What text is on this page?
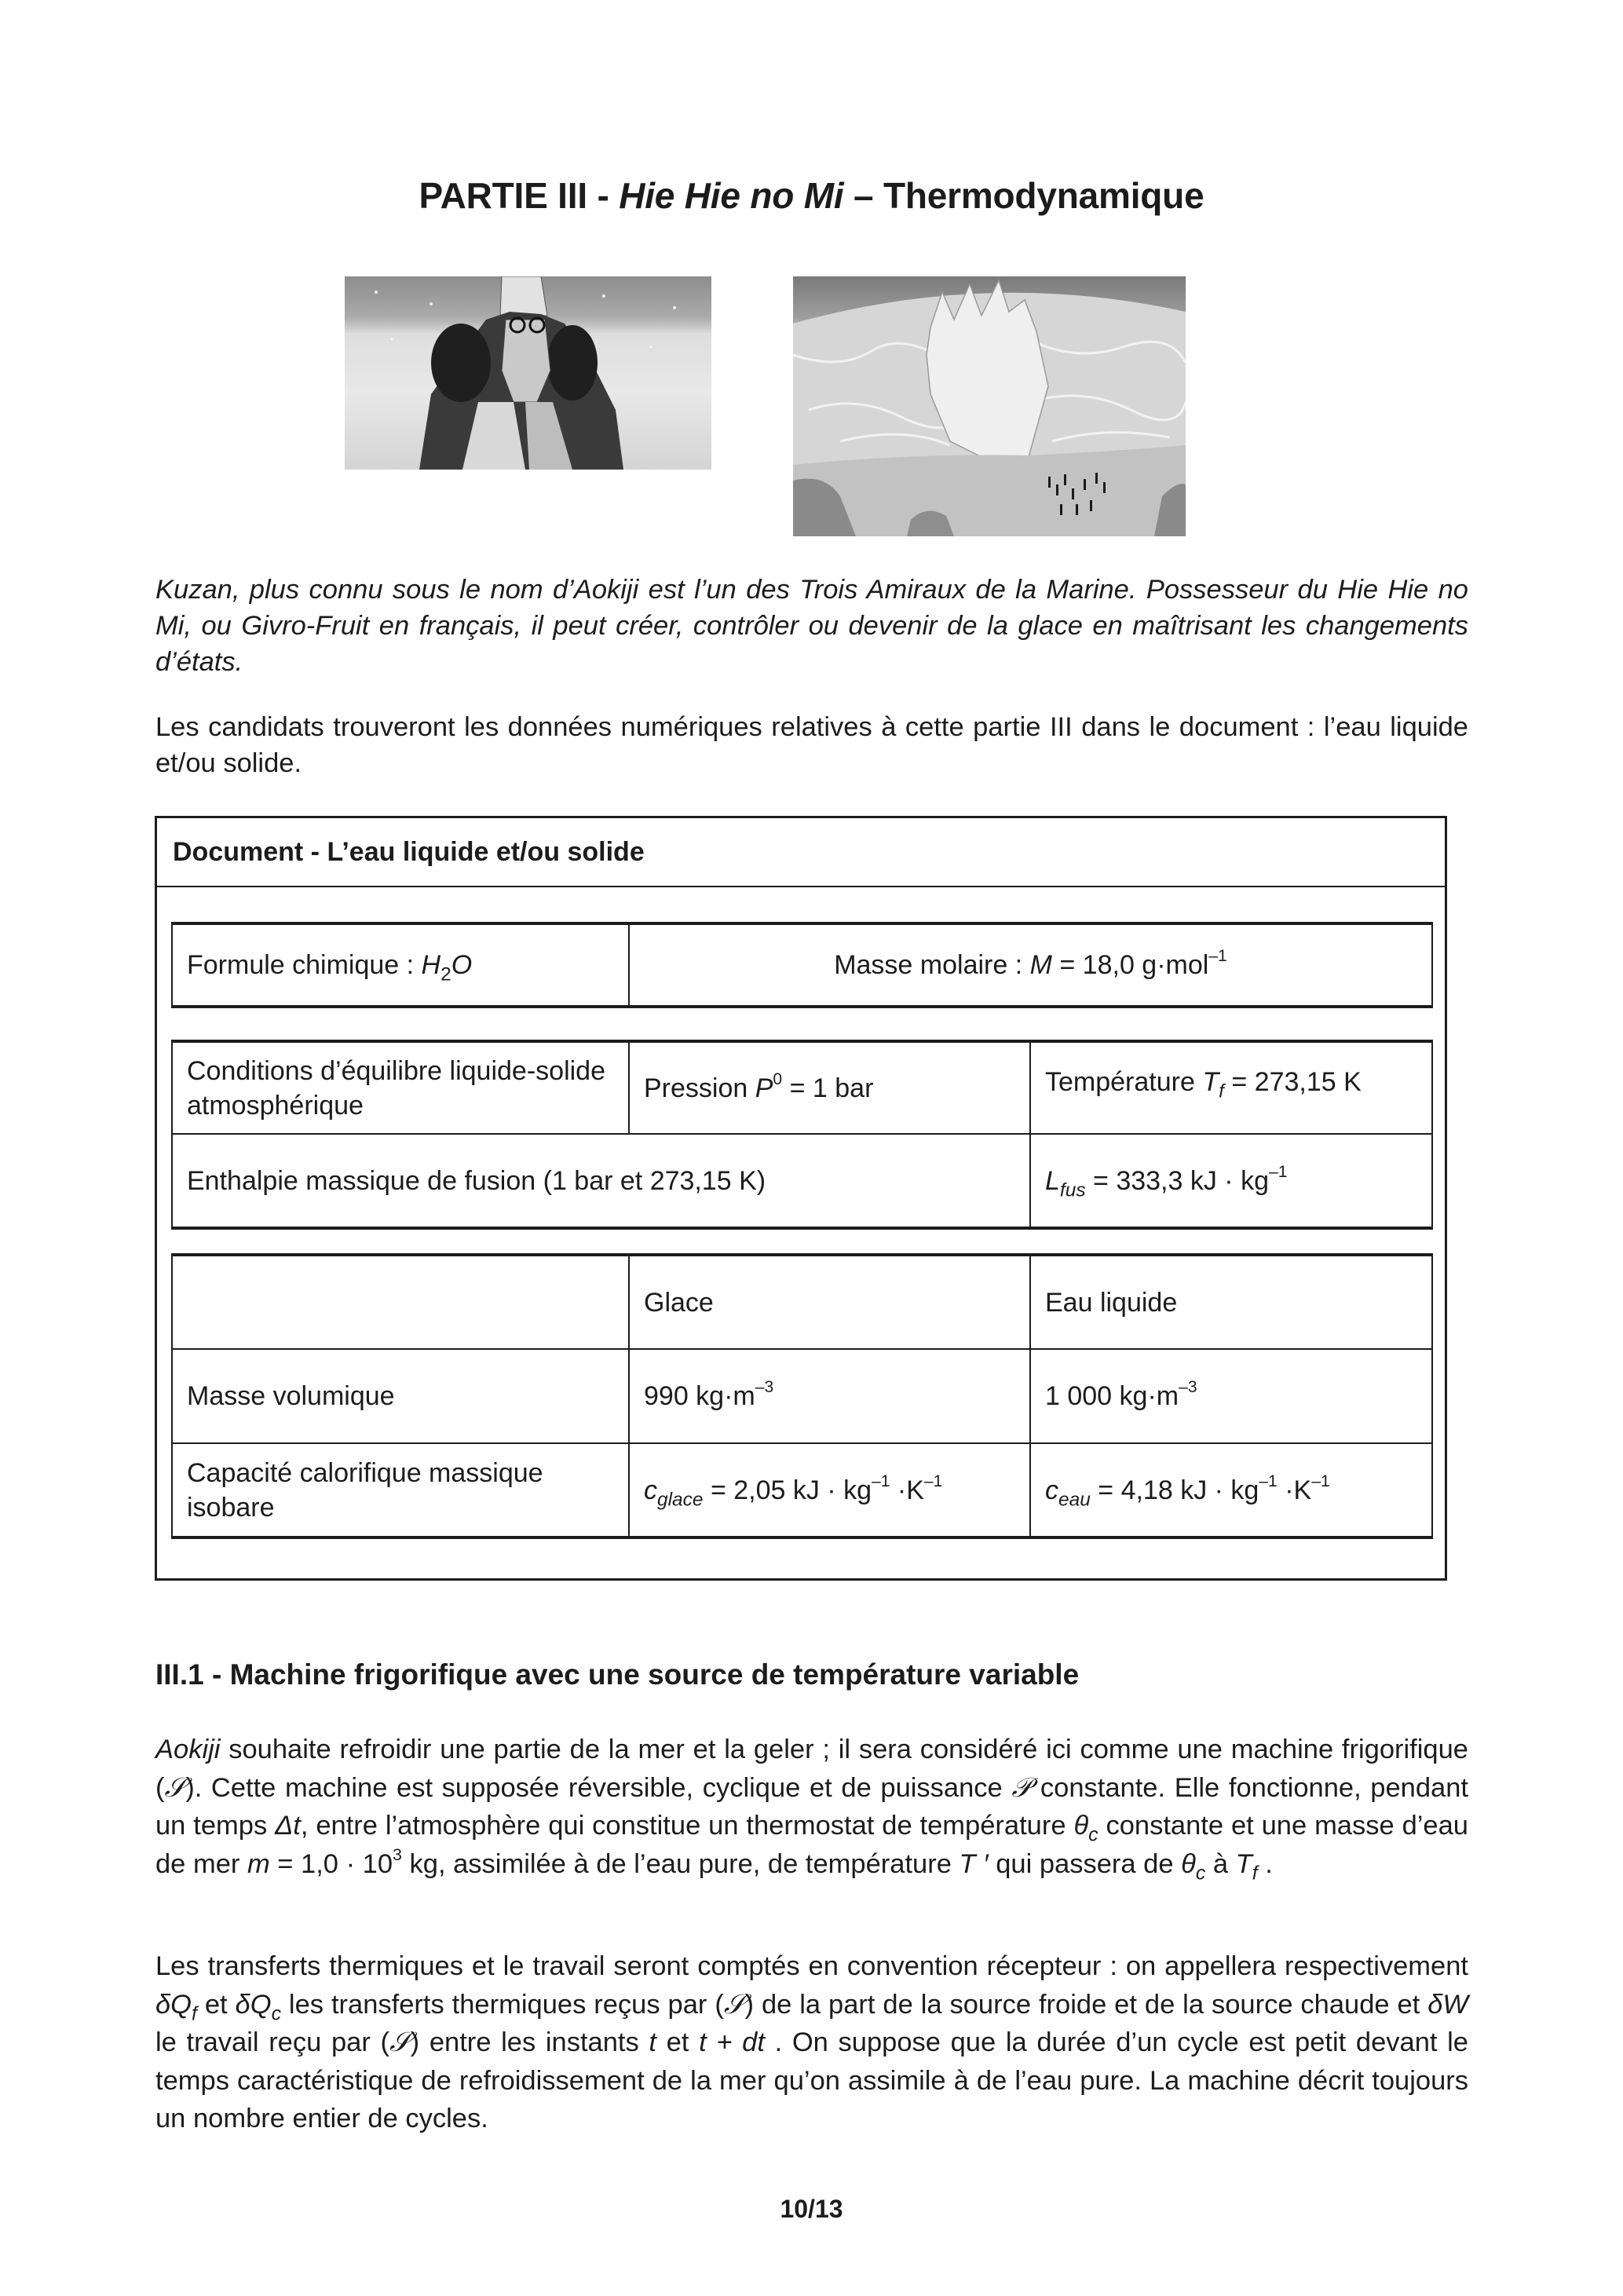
PARTIE III - Hie Hie no Mi – Thermodynamique
Kuzan, plus connu sous le nom d’Aokiji est l’un des Trois Amiraux de la Marine. Possesseur du Hie Hie no Mi, ou Givro-Fruit en français, il peut créer, contrôler ou devenir de la glace en maîtrisant les changements d’états.
Les candidats trouveront les données numériques relatives à cette partie III dans le document : l’eau liquide et/ou solide.
Document - L’eau liquide et/ou solide
Formule chimique : $H_2O$	Masse molaire : M = 18,0 g·mol$^{-1}$
Conditions d’équilibre liquide-solide atmosphérique	Pression $P^0 = 1$ bar	Température $T_f = 273,15$ K
Enthalpie massique de fusion (1 bar et 273,15 K)		$L_{fus} = 333,3$ kJ · $kg^{-1}$
	Glace	Eau liquide
Masse volumique	990 $kg\cdot m^{-3}$	1 000 $kg\cdot m^{-3}$
Capacité calorifique massique isobare	$c_{glace} = 2,05$ kJ · $kg^{-1} \cdot K^{-1}$	$c_{eau} = 4,18$ kJ · $kg^{-1} \cdot K^{-1}$
III.1 - Machine frigorifique avec une source de température variable
Aokiji souhaite refroidir une partie de la mer et la geler ; il sera considéré ici comme une machine frigorifique (𝒮). Cette machine est supposée réversible, cyclique et de puissance 𝒫 constante. Elle fonctionne, pendant un temps Δt, entre l’atmosphère qui constitue un thermostat de température $\theta_c$ constante et une masse d’eau de mer $m = 1,0 \cdot 10^3$ kg, assimilée à de l’eau pure, de température T ′ qui passera de $\theta_c$ à $T_f$ .
Les transferts thermiques et le travail seront comptés en convention récepteur : on appellera respectivement $\delta Q_f$ et $\delta Q_c$ les transferts thermiques reçus par (𝒮) de la part de la source froide et de la source chaude et δW le travail reçu par (𝒮) entre les instants t et t + dt . On suppose que la durée d’un cycle est petit devant le temps caractéristique de refroidissement de la mer qu’on assimile à de l’eau pure. La machine décrit toujours un nombre entier de cycles.
10/13
